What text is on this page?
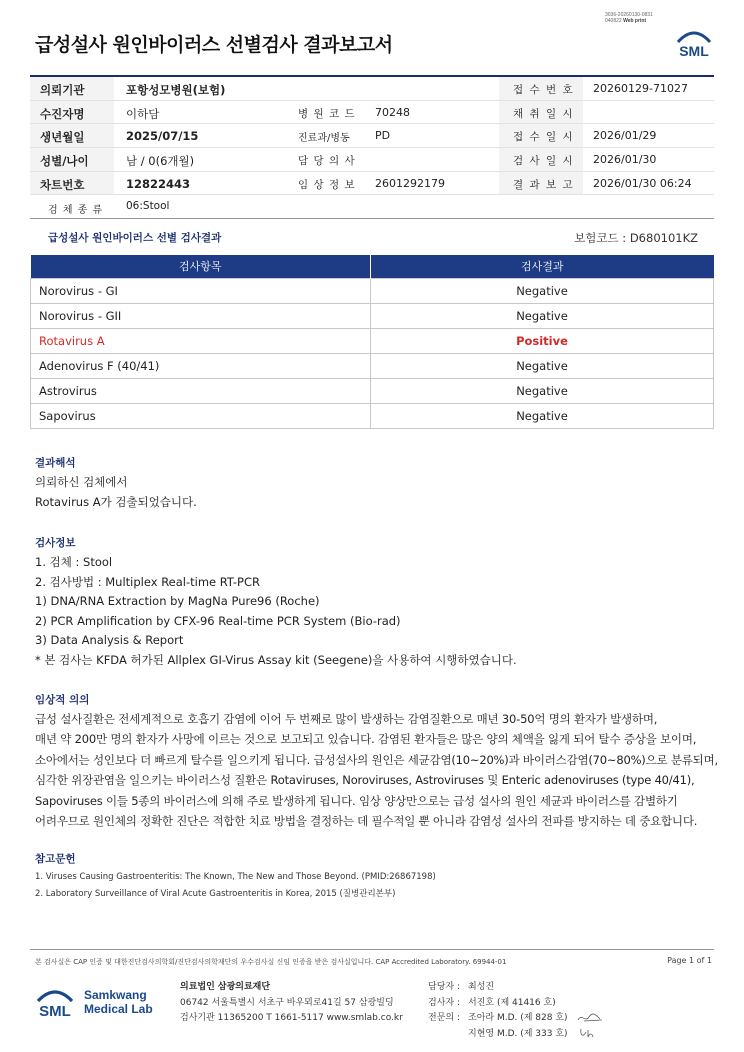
3036-20260130-0831
040822 Web print
급성설사 원인바이러스 선별검사 결과보고서	SML
의뢰기관	포항성모병원(보험)	접 수 번 호 20260129-71027
수진자명	이하담	병 원 코 드 70248	채 취 일 시
생년월일	2025/07/15	진료과/병동 PD	접 수 일 시 2026/01/29
성별/나이	남 / 0(6개월)	담 당 의 사	검 사 일 시 2026/01/30
차트번호	12822443	임 상 정 보 2601292179	결 과 보 고 2026/01/30 06:24
검 체 종 류 06:Stool
급성설사 원인바이러스 선별 검사결과	보험코드 : D680101KZ
검사항목	검사결과
Norovirus - GI	Negative
Norovirus - GII	Negative
Rotavirus A	Positive
Adenovirus F (40/41)	Negative
Astrovirus	Negative
Sapovirus	Negative
결과해석
의뢰하신 검체에서
Rotavirus A가 검출되었습니다.
검사정보
1. 검체 : Stool
2. 검사방법 : Multiplex Real-time RT-PCR
1) DNA/RNA Extraction by MagNa Pure96 (Roche)
2) PCR Amplification by CFX-96 Real-time PCR System (Bio-rad)
3) Data Analysis & Report
* 본 검사는 KFDA 허가된 Allplex GI-Virus Assay kit (Seegene)을 사용하여 시행하였습니다.
임상적 의의
급성 설사질환은 전세계적으로 호흡기 감염에 이어 두 번째로 많이 발생하는 감염질환으로 매년 30-50억 명의 환자가 발생하며,
매년 약 200만 명의 환자가 사망에 이르는 것으로 보고되고 있습니다. 감염된 환자들은 많은 양의 체액을 잃게 되어 탈수 증상을 보이며,
소아에서는 성인보다 더 빠르게 탈수를 일으키게 됩니다. 급성설사의 원인은 세균감염(10~20%)과 바이러스감염(70~80%)으로 분류되며,
심각한 위장관염을 일으키는 바이러스성 질환은 Rotaviruses, Noroviruses, Astroviruses 및 Enteric adenoviruses (type 40/41),
Sapoviruses 이들 5종의 바이러스에 의해 주로 발생하게 됩니다. 임상 양상만으로는 급성 설사의 원인 세균과 바이러스를 감별하기
어려우므로 원인체의 정확한 진단은 적합한 치료 방법을 결정하는 데 필수적일 뿐 아니라 감염성 설사의 전파를 방지하는 데 중요합니다.
참고문헌
1. Viruses Causing Gastroenteritis: The Known, The New and Those Beyond. (PMID:26867198)
2. Laboratory Surveillance of Viral Acute Gastroenteritis in Korea, 2015 (질병관리본부)
본 검사실은 CAP 인증 및 대한진단검사의학회/진단검사의학재단의 우수검사실 신임 인증을 받은 검사실입니다. CAP Accredited Laboratory. 69944-01	Page 1 of 1
SML
Samkwang
Medical Lab
의료법인 삼광의료재단
06742 서울특별시 서초구 바우뫼로41길 57 삼광빌딩
검사기관 11365200 T 1661-5117 www.smlab.co.kr
담당자 : 최성진
검사자 : 서진호 (제 41416 호)
전문의 : 조아라 M.D. (제 828 호)
지현영 M.D. (제 333 호)
